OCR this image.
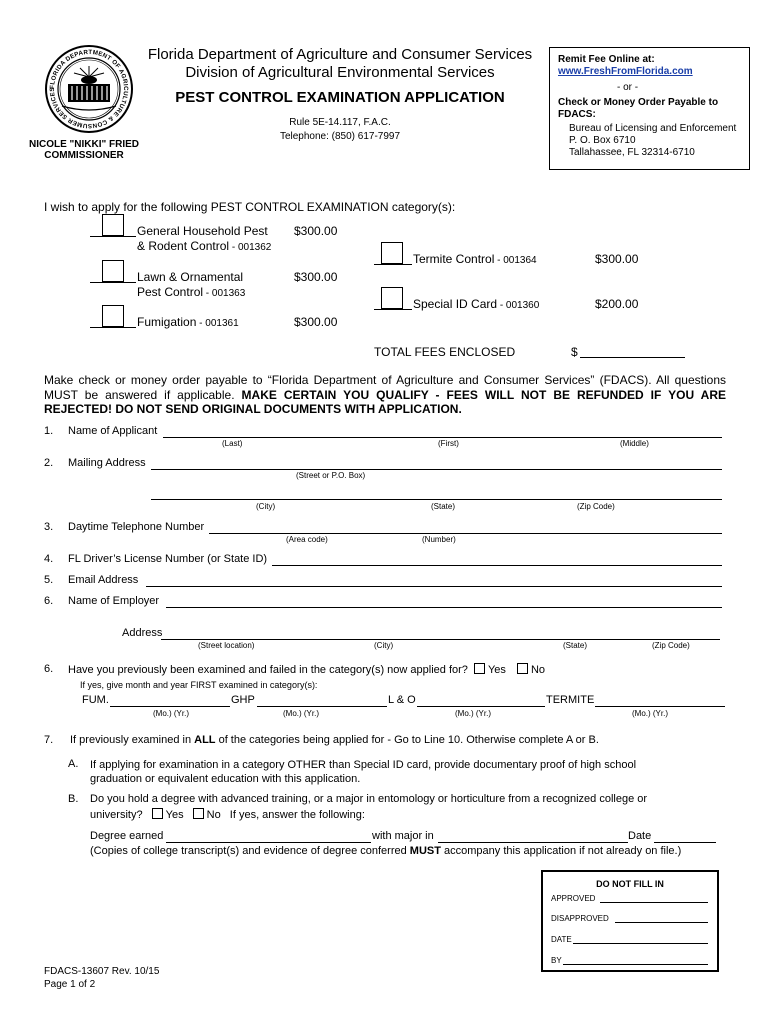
FLORIDA DEPARTMENT OF AGRICULTURE & CONSUMER SERVICES
Florida Department of Agriculture and Consumer Services
Division of Agricultural Environmental Services
PEST CONTROL EXAMINATION APPLICATION
Rule 5E-14.117, F.A.C.
Telephone: (850) 617-7997
NICOLE "NIKKI" FRIED
COMMISSIONER
Remit Fee Online at:
www.FreshFromFlorida.com
- or -
Check or Money Order Payable to
FDACS:
Bureau of Licensing and Enforcement
P. O. Box 6710
Tallahassee, FL 32314-6710
I wish to apply for the following PEST CONTROL EXAMINATION category(s):
General Household Pest
& Rodent Control - 001362
$300.00
Lawn & Ornamental
Pest Control - 001363
$300.00
Fumigation - 001361	$300.00
Termite Control - 001364	$300.00
Special ID Card - 001360	$200.00
TOTAL FEES ENCLOSED	$
Make check or money order payable to “Florida Department of Agriculture and Consumer Services” (FDACS). All questions MUST be answered if applicable. MAKE CERTAIN YOU QUALIFY - FEES WILL NOT BE REFUNDED IF YOU ARE REJECTED! DO NOT SEND ORIGINAL DOCUMENTS WITH APPLICATION.
1. Name of Applicant
(Last)	(First)	(Middle)
2. Mailing Address
(Street or P.O. Box)
(City)	(State)	(Zip Code)
3. Daytime Telephone Number
(Area code)	(Number)
4. FL Driver’s License Number (or State ID)
5. Email Address
6. Name of Employer
Address
(Street location)	(City)	(State)	(Zip Code)
6. Have you previously been examined and failed in the category(s) now applied for? Yes No
If yes, give month and year FIRST examined in category(s):
FUM.	GHP	L & O	TERMITE
(Mo.) (Yr.)	(Mo.) (Yr.)	(Mo.) (Yr.)	(Mo.) (Yr.)
7. If previously examined in ALL of the categories being applied for - Go to Line 10. Otherwise complete A or B.
A. If applying for examination in a category OTHER than Special ID card, provide documentary proof of high school graduation or equivalent education with this application.
B. Do you hold a degree with advanced training, or a major in entomology or horticulture from a recognized college or
university? Yes No If yes, answer the following:
Degree earned	with major in	Date
(Copies of college transcript(s) and evidence of degree conferred MUST accompany this application if not already on file.)
DO NOT FILL IN
APPROVED
DISAPPROVED
DATE
BY
FDACS-13607 Rev. 10/15
Page 1 of 2
